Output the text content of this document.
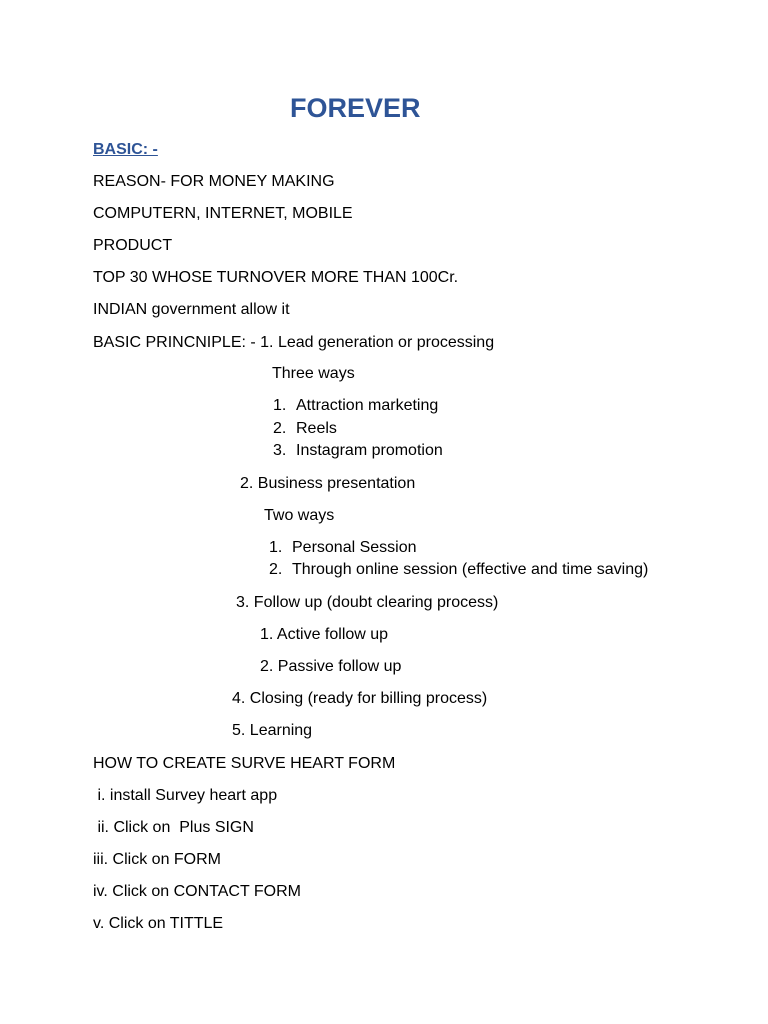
FOREVER
BASIC: -
REASON- FOR MONEY MAKING
COMPUTERN, INTERNET, MOBILE
PRODUCT
TOP 30 WHOSE TURNOVER MORE THAN 100Cr.
INDIAN government allow it
BASIC PRINCNIPLE: - 1. Lead generation or processing
Three ways
1. Attraction marketing
2. Reels
3. Instagram promotion
2. Business presentation
Two ways
1. Personal Session
2. Through online session (effective and time saving)
3. Follow up (doubt clearing process)
1. Active follow up
2. Passive follow up
4. Closing (ready for billing process)
5. Learning
HOW TO CREATE SURVE HEART FORM
i. install Survey heart app
ii. Click on  Plus SIGN
iii. Click on FORM
iv. Click on CONTACT FORM
v. Click on TITTLE
